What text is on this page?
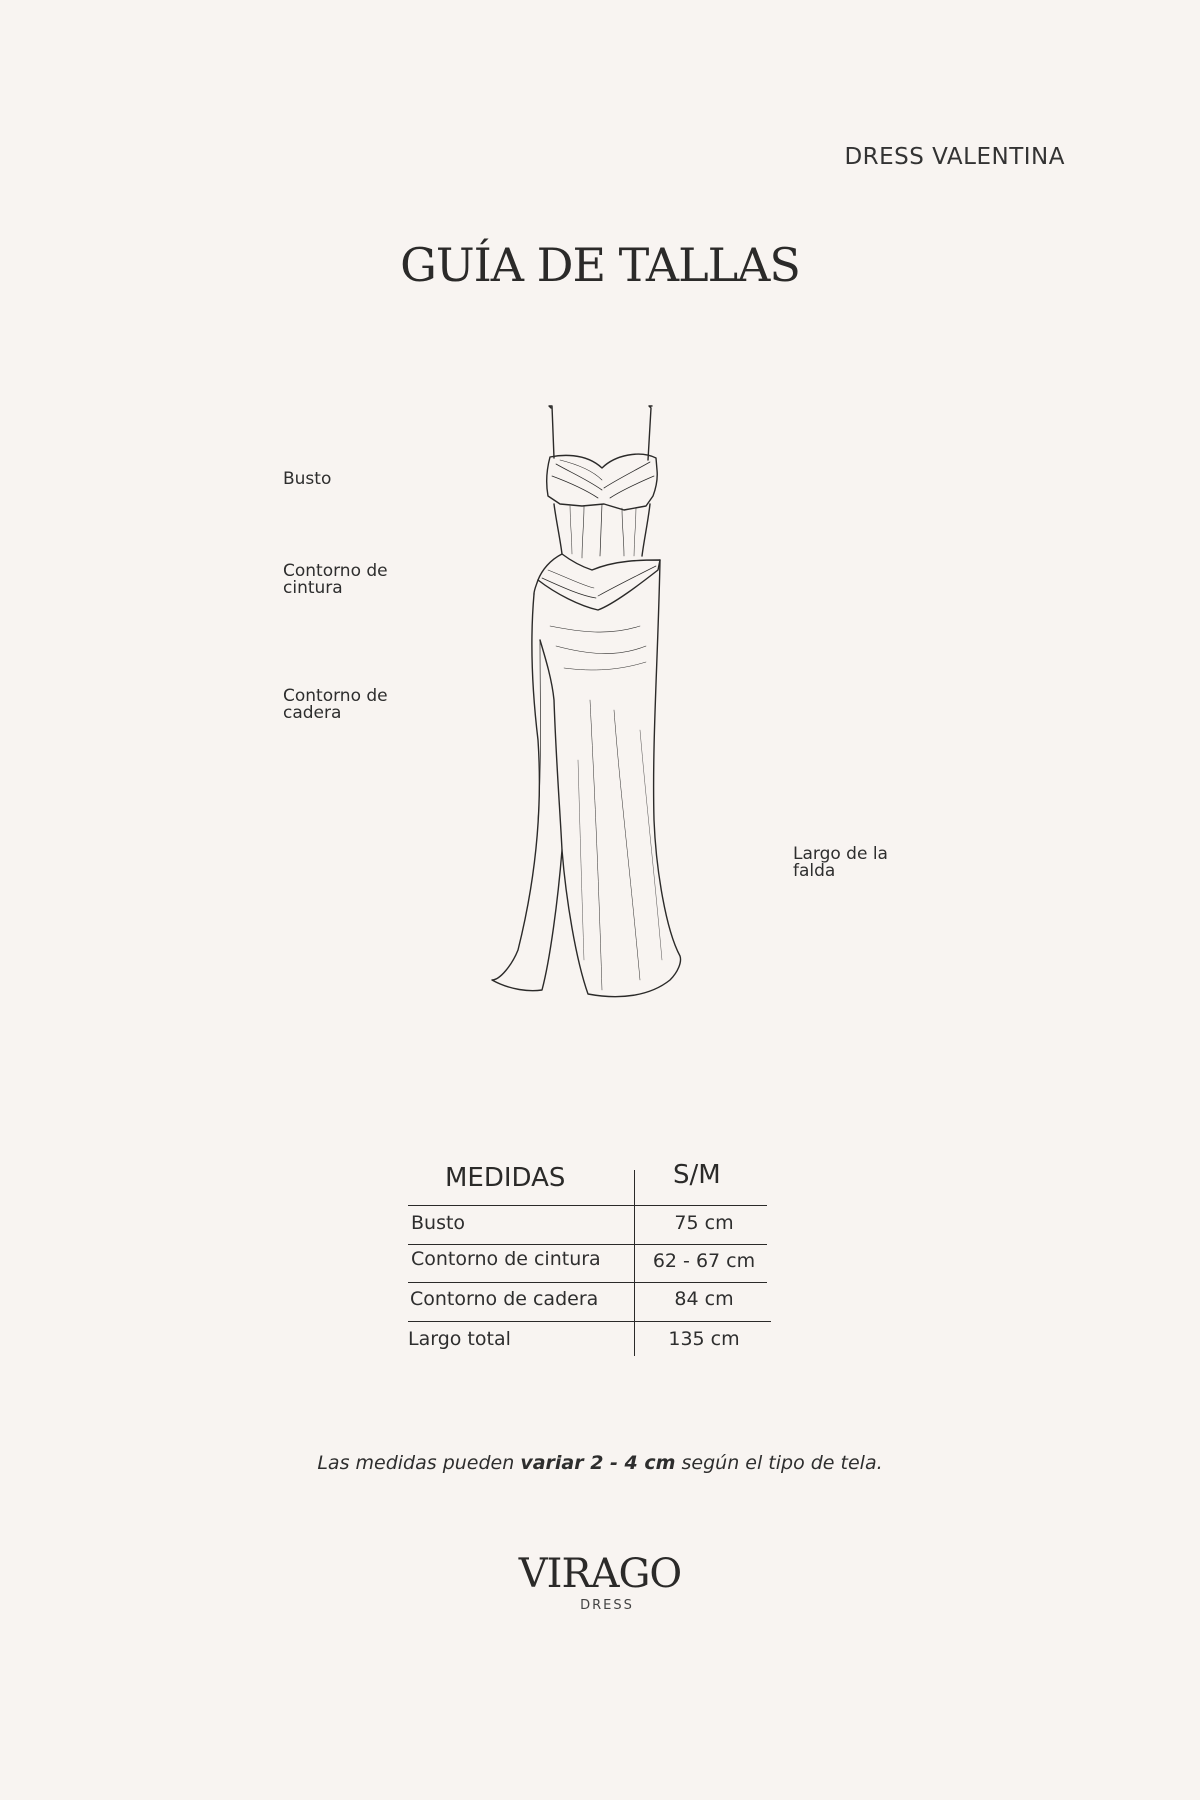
DRESS VALENTINA
GUÍA DE TALLAS
Busto
Contorno de
cintura
Contorno de
cadera
Largo de la
falda
MEDIDAS	S/M
Busto	75 cm
Contorno de cintura	62 - 67 cm
Contorno de cadera	84 cm
Largo total	135 cm
Las medidas pueden variar 2 - 4 cm según el tipo de tela.
VIRAGO
DRESS
